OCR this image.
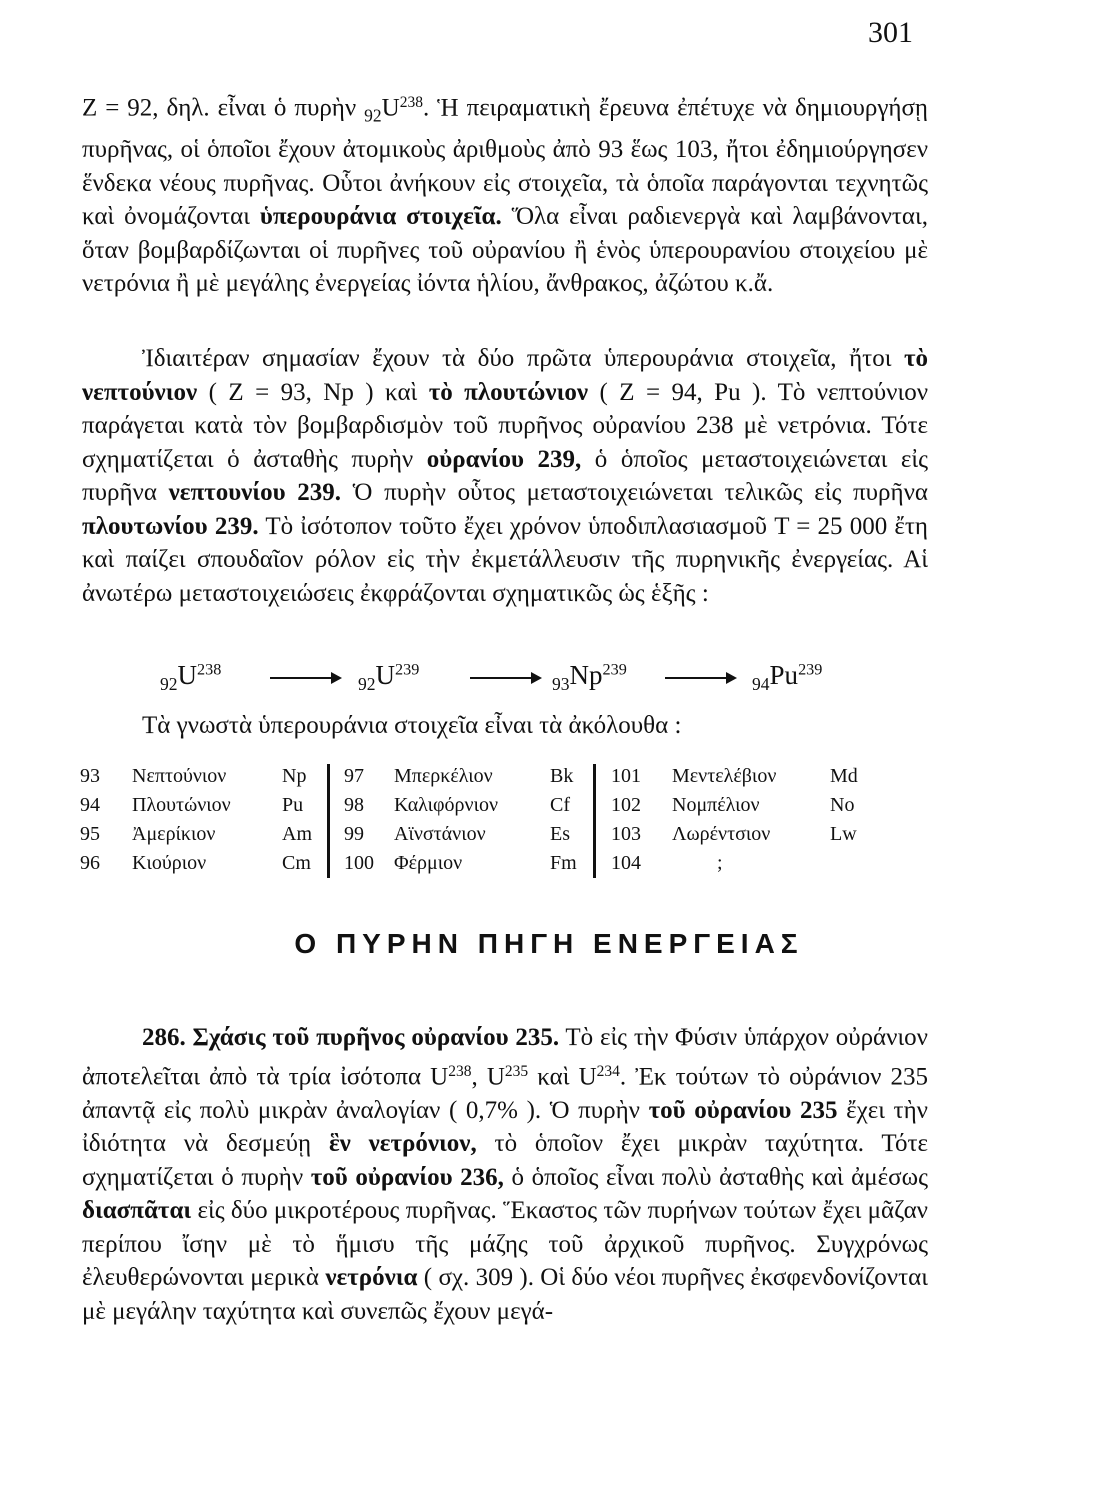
301

Z = 92, δηλ. εἶναι ὁ πυρὴν $_{92}U^{238}$. Ἡ πειραματικὴ ἔρευνα ἐπέτυχε νὰ δημιουργήσῃ πυρῆνας, οἱ ὁποῖοι ἔχουν ἀτομικοὺς ἀριθμοὺς ἀπὸ 93 ἕως 103, ἤτοι ἐδημιούργησεν ἕνδεκα νέους πυρῆνας. Οὗτοι ἀνήκουν εἰς στοιχεῖα, τὰ ὁποῖα παράγονται τεχνητῶς καὶ ὀνομάζονται ὑπερουράνια στοιχεῖα. Ὅλα εἶναι ραδιενεργὰ καὶ λαμβάνονται, ὅταν βομβαρδίζωνται οἱ πυρῆνες τοῦ οὐρανίου ἢ ἑνὸς ὑπερουρανίου στοιχείου μὲ νετρόνια ἢ μὲ μεγάλης ἐνεργείας ἰόντα ἡλίου, ἄνθρακος, ἀζώτου κ.ἄ.

Ἰδιαιτέραν σημασίαν ἔχουν τὰ δύο πρῶτα ὑπερουράνια στοιχεῖα, ἤτοι τὸ νεπτούνιον ( Z = 93, Np ) καὶ τὸ πλουτώνιον ( Z = 94, Pu ). Τὸ νεπτούνιον παράγεται κατὰ τὸν βομβαρδισμὸν τοῦ πυρῆνος οὐρανίου 238 μὲ νετρόνια. Τότε σχηματίζεται ὁ ἀσταθὴς πυρὴν οὐρανίου 239, ὁ ὁποῖος μεταστοιχειώνεται εἰς πυρῆνα νεπτουνίου 239. Ὁ πυρὴν οὗτος μεταστοιχειώνεται τελικῶς εἰς πυρῆνα πλουτωνίου 239. Τὸ ἰσότοπον τοῦτο ἔχει χρόνον ὑποδιπλασιασμοῦ T = 25 000 ἔτη καὶ παίζει σπουδαῖον ρόλον εἰς τὴν ἐκμετάλλευσιν τῆς πυρηνικῆς ἐνεργείας. Αἱ ἀνωτέρω μεταστοιχειώσεις ἐκφράζονται σχηματικῶς ὡς ἑξῆς :

$_{92}U^{238} \to _{92}U^{239} \to _{93}Np^{239} \to _{94}Pu^{239}$
Τὰ γνωστὰ ὑπερουράνια στοιχεῖα εἶναι τὰ ἀκόλουθα :
93
94
95
96
Νεπτούνιον
Πλουτώνιον
Ἀμερίκιον
Κιούριον
Np
Pu
Am
Cm
97
98
99
100
Μπερκέλιον
Καλιφόρνιον
Αϊνστάνιον
Φέρμιον
Bk
Cf
Es
Fm
101
102
103
104
Μεντελέβιον
Νομπέλιον
Λωρέντσιον
;
Md
No
Lw
Ο ΠΥΡΗΝ ΠΗΓΗ ΕΝΕΡΓΕΙΑΣ

286. Σχάσις τοῦ πυρῆνος οὐρανίου 235. Τὸ εἰς τὴν Φύσιν ὑπάρχον οὐράνιον ἀποτελεῖται ἀπὸ τὰ τρία ἰσότοπα $U^{238}$, $U^{235}$ καὶ $U^{234}$. Ἐκ τούτων τὸ οὐράνιον 235 ἀπαντᾷ εἰς πολὺ μικρὰν ἀναλογίαν ( 0,7% ). Ὁ πυρὴν τοῦ οὐρανίου 235 ἔχει τὴν ἰδιότητα νὰ δεσμεύῃ ἓν νετρόνιον, τὸ ὁποῖον ἔχει μικρὰν ταχύτητα. Τότε σχηματίζεται ὁ πυρὴν τοῦ οὐρανίου 236, ὁ ὁποῖος εἶναι πολὺ ἀσταθὴς καὶ ἀμέσως διασπᾶται εἰς δύο μικροτέρους πυρῆνας. Ἕκαστος τῶν πυρήνων τούτων ἔχει μᾶζαν περίπου ἴσην μὲ τὸ ἥμισυ τῆς μάζης τοῦ ἀρχικοῦ πυρῆνος. Συγχρόνως ἐλευθερώνονται μερικὰ νετρόνια ( σχ. 309 ). Οἱ δύο νέοι πυρῆνες ἐκσφενδονίζονται μὲ μεγάλην ταχύτητα καὶ συνεπῶς ἔχουν μεγά-
